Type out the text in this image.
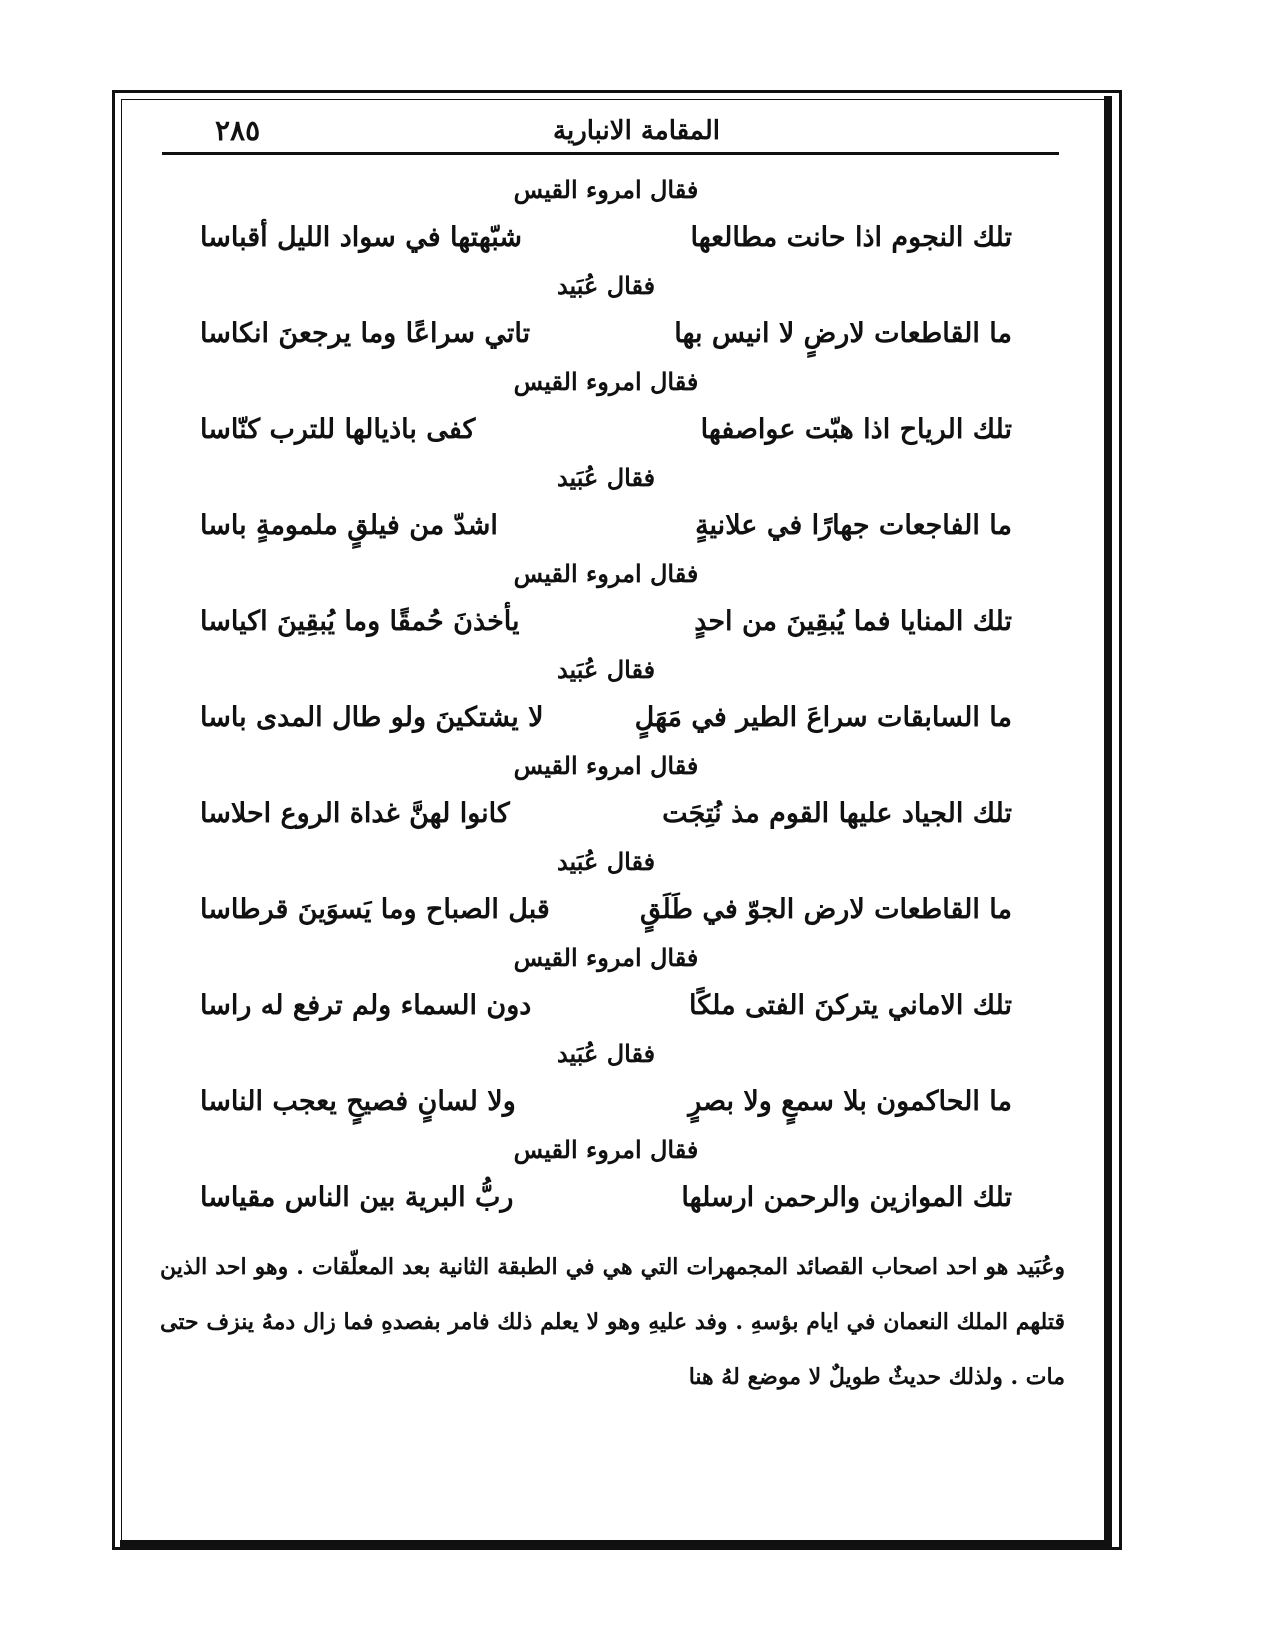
المقامة الانبارية
٢٨٥
فقال امروء القيس
تلك النجوم اذا حانت مطالعها
شبّهتها في سواد الليل أقباسا
فقال عُبَيد
ما القاطعات لارضٍ لا انيس بها
تاتي سراعًا وما يرجعنَ انكاسا
فقال امروء القيس
تلك الرياح اذا هبّت عواصفها
كفى باذيالها للترب كنّاسا
فقال عُبَيد
ما الفاجعات جهارًا في علانيةٍ
اشدّ من فيلقٍ ملمومةٍ باسا
فقال امروء القيس
تلك المنايا فما يُبقِينَ من احدٍ
يأخذنَ حُمقًا وما يُبقِينَ اكياسا
فقال عُبَيد
ما السابقات سراعَ الطير في مَهَلٍ
لا يشتكينَ ولو طال المدى باسا
فقال امروء القيس
تلك الجياد عليها القوم مذ نُتِجَت
كانوا لهنَّ غداة الروع احلاسا
فقال عُبَيد
ما القاطعات لارض الجوّ في طَلَقٍ
قبل الصباح وما يَسوَينَ قرطاسا
فقال امروء القيس
تلك الاماني يتركنَ الفتى ملكًا
دون السماء ولم ترفع له راسا
فقال عُبَيد
ما الحاكمون بلا سمعٍ ولا بصرٍ
ولا لسانٍ فصيحٍ يعجب الناسا
فقال امروء القيس
تلك الموازين والرحمن ارسلها
ربُّ البرية بين الناس مقياسا
وعُبَيد هو احد اصحاب القصائد المجمهرات التي هي في الطبقة الثانية بعد المعلّقات . وهو احد الذين قتلهم الملك النعمان في ايام بؤسهِ . وفد عليهِ وهو لا يعلم ذلك فامر بفصدهِ فما زال دمهُ ينزف حتى مات . ولذلك حديثٌ طويلٌ لا موضع لهُ هنا
